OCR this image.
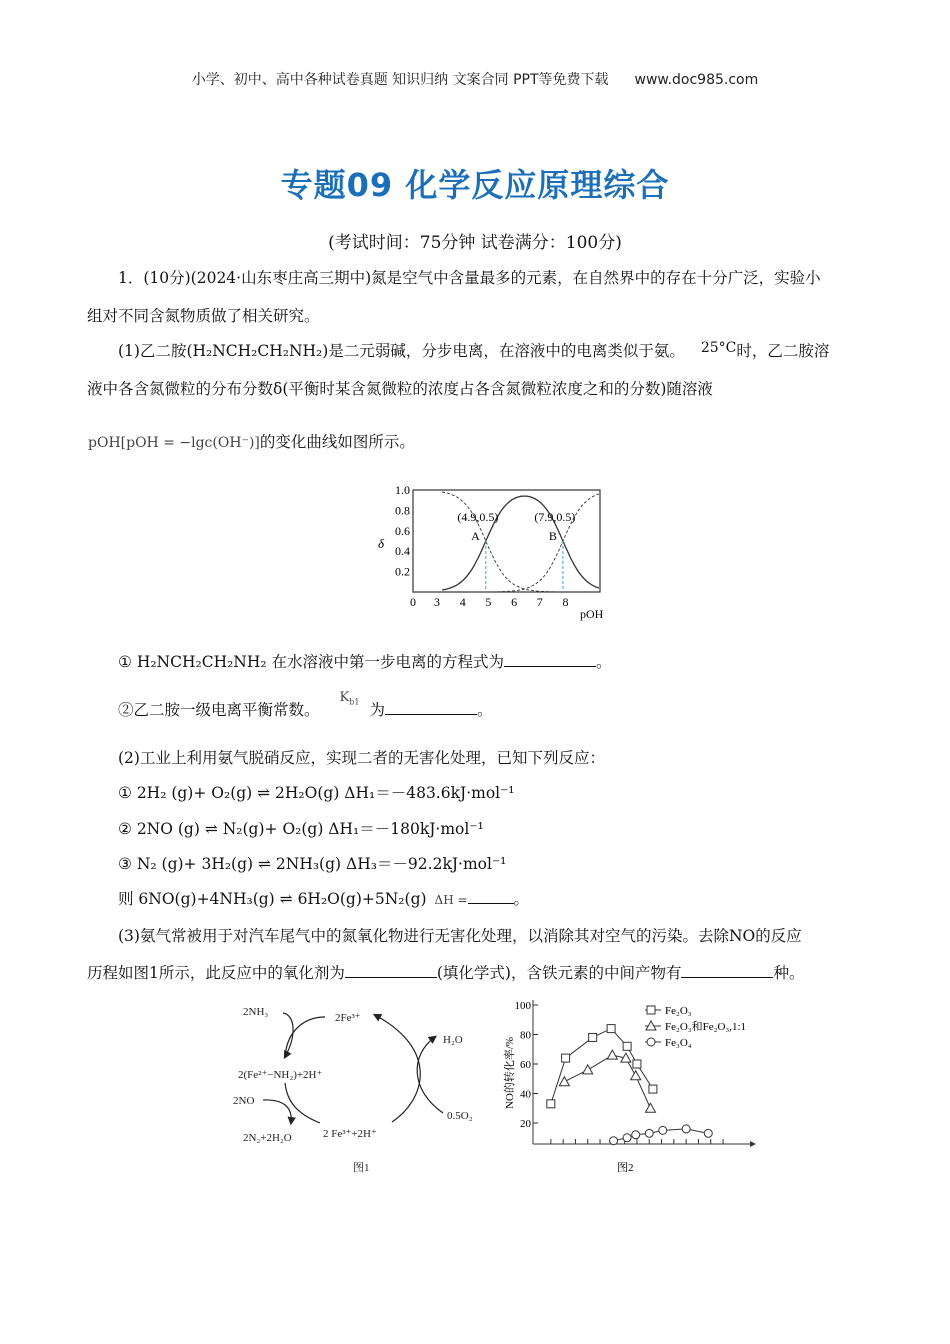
小学、初中、高中各种试卷真题 知识归纳 文案合同 PPT等免费下载 www.doc985.com
专题09 化学反应原理综合
(考试时间：75分钟 试卷满分：100分)
1．(10分)(2024·山东枣庄高三期中)氮是空气中含量最多的元素，在自然界中的存在十分广泛，实验小
组对不同含氮物质做了相关研究。
(1)乙二胺(H₂NCH₂CH₂NH₂)是二元弱碱，分步电离，在溶液中的电离类似于氨。 25°C时，乙二胺溶
液中各含氮微粒的分布分数δ(平衡时某含氮微粒的浓度占各含氮微粒浓度之和的分数)随溶液
pOH[pOH = −lgc(OH⁻)]的变化曲线如图所示。
0 3 4 5 6 7 8
1.0
0.8
0.6
0.4
0.2
pOH
δ	A
(4.9,0.5)
B
(7.9,0.5)
① H₂NCH₂CH₂NH₂ 在水溶液中第一步电离的方程式为	。
②乙二胺一级电离平衡常数。$^{K_{b1}}$ 为	。
(2)工业上利用氨气脱硝反应，实现二者的无害化处理，已知下列反应：
① 2H₂ (g)+ O₂(g) ⇌ 2H₂O(g) ΔH₁＝－483.6kJ·mol⁻¹
② 2NO (g) ⇌ N₂(g)+ O₂(g) ΔH₁＝－180kJ·mol⁻¹
③ N₂ (g)+ 3H₂(g) ⇌ 2NH₃(g) ΔH₃＝－92.2kJ·mol⁻¹
则 6NO(g)+4NH₃(g) ⇌ 6H₂O(g)+5N₂(g) ΔH =	。
(3)氨气常被用于对汽车尾气中的氮氧化物进行无害化处理，以消除其对空气的污染。去除NO的反应
历程如图1所示，此反应中的氧化剂为	(填化学式)，含铁元素的中间产物有	种。
2NH₃	2Fe³⁺
2(Fe²⁺−NH₂)+2H⁺
2NO
2N₂+2H₂O	2 Fe³⁺+2H⁺
H₂O
0.5O₂
图1
100
80
60
40
20
NO的转化率/%
Fe₂O₃
Fe₂O₃和Fe₂O₃,1:1
Fe₃O₄
图2
